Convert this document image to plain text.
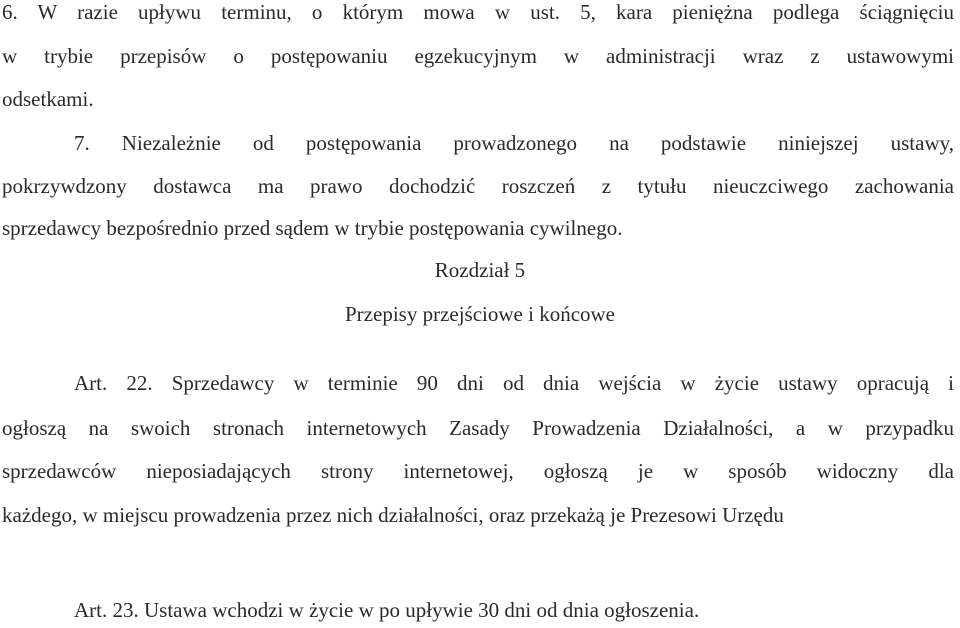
6. W razie upływu terminu, o którym mowa w ust. 5, kara pieniężna podlega ściągnięciu
w trybie przepisów o postępowaniu egzekucyjnym w administracji wraz z ustawowymi
odsetkami.
7. Niezależnie od postępowania prowadzonego na podstawie niniejszej ustawy,
pokrzywdzony dostawca ma prawo dochodzić roszczeń z tytułu nieuczciwego zachowania
sprzedawcy bezpośrednio przed sądem w trybie postępowania cywilnego.
Rozdział 5
Przepisy przejściowe i końcowe
Art. 22. Sprzedawcy w terminie 90 dni od dnia wejścia w życie ustawy opracują i
ogłoszą na swoich stronach internetowych Zasady Prowadzenia Działalności, a w przypadku
sprzedawców nieposiadających strony internetowej, ogłoszą je w sposób widoczny dla
każdego, w miejscu prowadzenia przez nich działalności, oraz przekażą je Prezesowi Urzędu
Art. 23. Ustawa wchodzi w życie w po upływie 30 dni od dnia ogłoszenia.
